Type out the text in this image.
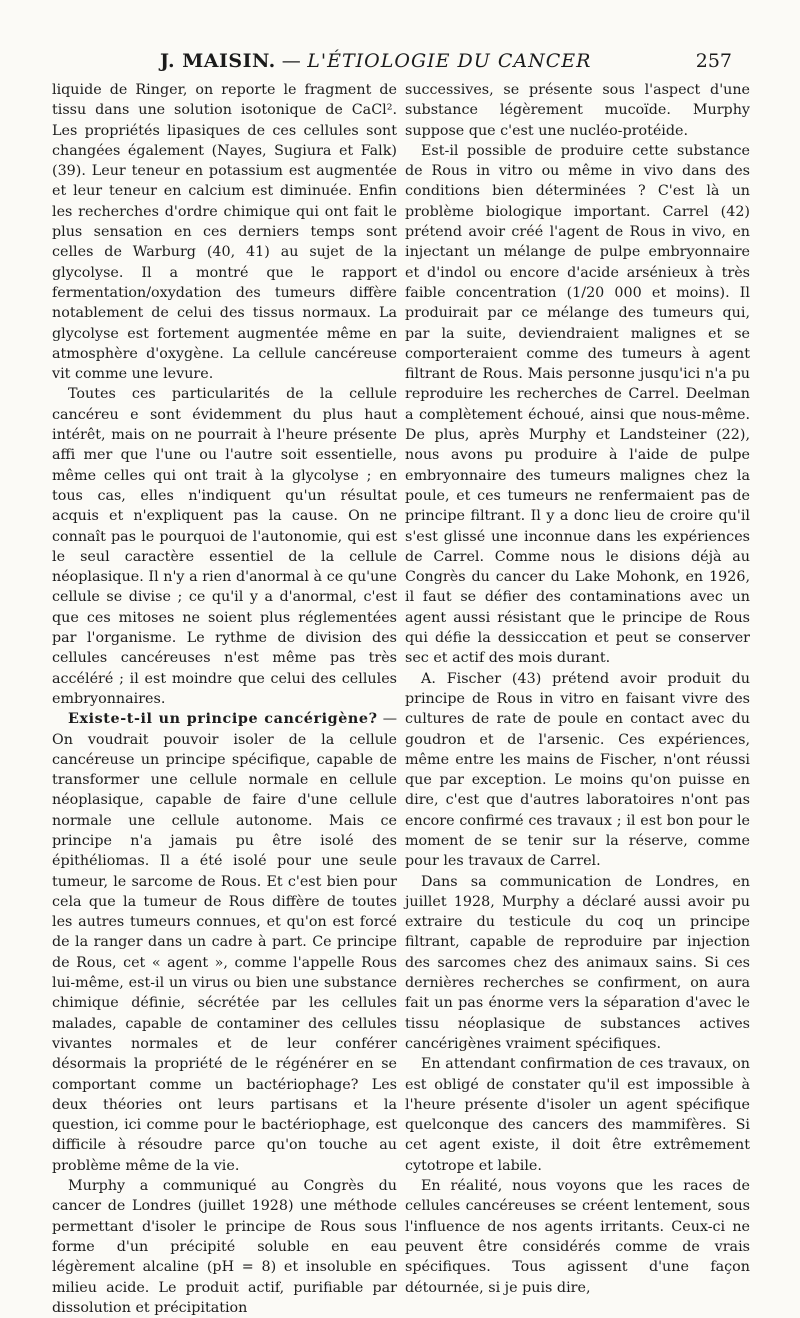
J. MAISIN. — L'ÉTIOLOGIE DU CANCER	257

liquide de Ringer, on reporte le fragment de tissu dans une solution isotonique de CaCl². Les propriétés lipasiques de ces cellules sont changées également (Nayes, Sugiura et Falk) (39). Leur teneur en potassium est augmentée et leur teneur en calcium est diminuée. Enfin les recherches d'ordre chimique qui ont fait le plus sensation en ces derniers temps sont celles de Warburg (40, 41) au sujet de la glycolyse. Il a montré que le rapport fermentation/oxydation des tumeurs diffère notablement de celui des tissus normaux. La glycolyse est fortement augmentée même en atmosphère d'oxygène. La cellule cancéreuse vit comme une levure.

Toutes ces particularités de la cellule cancéreu e sont évidemment du plus haut intérêt, mais on ne pourrait à l'heure présente affi mer que l'une ou l'autre soit essentielle, même celles qui ont trait à la glycolyse ; en tous cas, elles n'indiquent qu'un résultat acquis et n'expliquent pas la cause. On ne connaît pas le pourquoi de l'autonomie, qui est le seul caractère essentiel de la cellule néoplasique. Il n'y a rien d'anormal à ce qu'une cellule se divise ; ce qu'il y a d'anormal, c'est que ces mitoses ne soient plus réglementées par l'organisme. Le rythme de division des cellules cancéreuses n'est même pas très accéléré ; il est moindre que celui des cellules embryonnaires.

Existe-t-il un principe cancérigène? — On voudrait pouvoir isoler de la cellule cancéreuse un principe spécifique, capable de transformer une cellule normale en cellule néoplasique, capable de faire d'une cellule normale une cellule autonome. Mais ce principe n'a jamais pu être isolé des épithéliomas. Il a été isolé pour une seule tumeur, le sarcome de Rous. Et c'est bien pour cela que la tumeur de Rous diffère de toutes les autres tumeurs connues, et qu'on est forcé de la ranger dans un cadre à part. Ce principe de Rous, cet « agent », comme l'appelle Rous lui-même, est-il un virus ou bien une substance chimique définie, sécrétée par les cellules malades, capable de contaminer des cellules vivantes normales et de leur conférer désormais la propriété de le régénérer en se comportant comme un bactériophage? Les deux théories ont leurs partisans et la question, ici comme pour le bactériophage, est difficile à résoudre parce qu'on touche au problème même de la vie.

Murphy a communiqué au Congrès du cancer de Londres (juillet 1928) une méthode permettant d'isoler le principe de Rous sous forme d'un précipité soluble en eau légèrement alcaline (pH = 8) et insoluble en milieu acide. Le produit actif, purifiable par dissolution et précipitation

successives, se présente sous l'aspect d'une substance légèrement mucoïde. Murphy suppose que c'est une nucléo-protéide.

Est-il possible de produire cette substance de Rous in vitro ou même in vivo dans des conditions bien déterminées ? C'est là un problème biologique important. Carrel (42) prétend avoir créé l'agent de Rous in vivo, en injectant un mélange de pulpe embryonnaire et d'indol ou encore d'acide arsénieux à très faible concentration (1/20 000 et moins). Il produirait par ce mélange des tumeurs qui, par la suite, deviendraient malignes et se comporteraient comme des tumeurs à agent filtrant de Rous. Mais personne jusqu'ici n'a pu reproduire les recherches de Carrel. Deelman a complètement échoué, ainsi que nous-même. De plus, après Murphy et Landsteiner (22), nous avons pu produire à l'aide de pulpe embryonnaire des tumeurs malignes chez la poule, et ces tumeurs ne renfermaient pas de principe filtrant. Il y a donc lieu de croire qu'il s'est glissé une inconnue dans les expériences de Carrel. Comme nous le disions déjà au Congrès du cancer du Lake Mohonk, en 1926, il faut se défier des contaminations avec un agent aussi résistant que le principe de Rous qui défie la dessiccation et peut se conserver sec et actif des mois durant.

A. Fischer (43) prétend avoir produit du principe de Rous in vitro en faisant vivre des cultures de rate de poule en contact avec du goudron et de l'arsenic. Ces expériences, même entre les mains de Fischer, n'ont réussi que par exception. Le moins qu'on puisse en dire, c'est que d'autres laboratoires n'ont pas encore confirmé ces travaux ; il est bon pour le moment de se tenir sur la réserve, comme pour les travaux de Carrel.

Dans sa communication de Londres, en juillet 1928, Murphy a déclaré aussi avoir pu extraire du testicule du coq un principe filtrant, capable de reproduire par injection des sarcomes chez des animaux sains. Si ces dernières recherches se confirment, on aura fait un pas énorme vers la séparation d'avec le tissu néoplasique de substances actives cancérigènes vraiment spécifiques.

En attendant confirmation de ces travaux, on est obligé de constater qu'il est impossible à l'heure présente d'isoler un agent spécifique quelconque des cancers des mammifères. Si cet agent existe, il doit être extrêmement cytotrope et labile.

En réalité, nous voyons que les races de cellules cancéreuses se créent lentement, sous l'influence de nos agents irritants. Ceux-ci ne peuvent être considérés comme de vrais spécifiques. Tous agissent d'une façon détournée, si je puis dire,
